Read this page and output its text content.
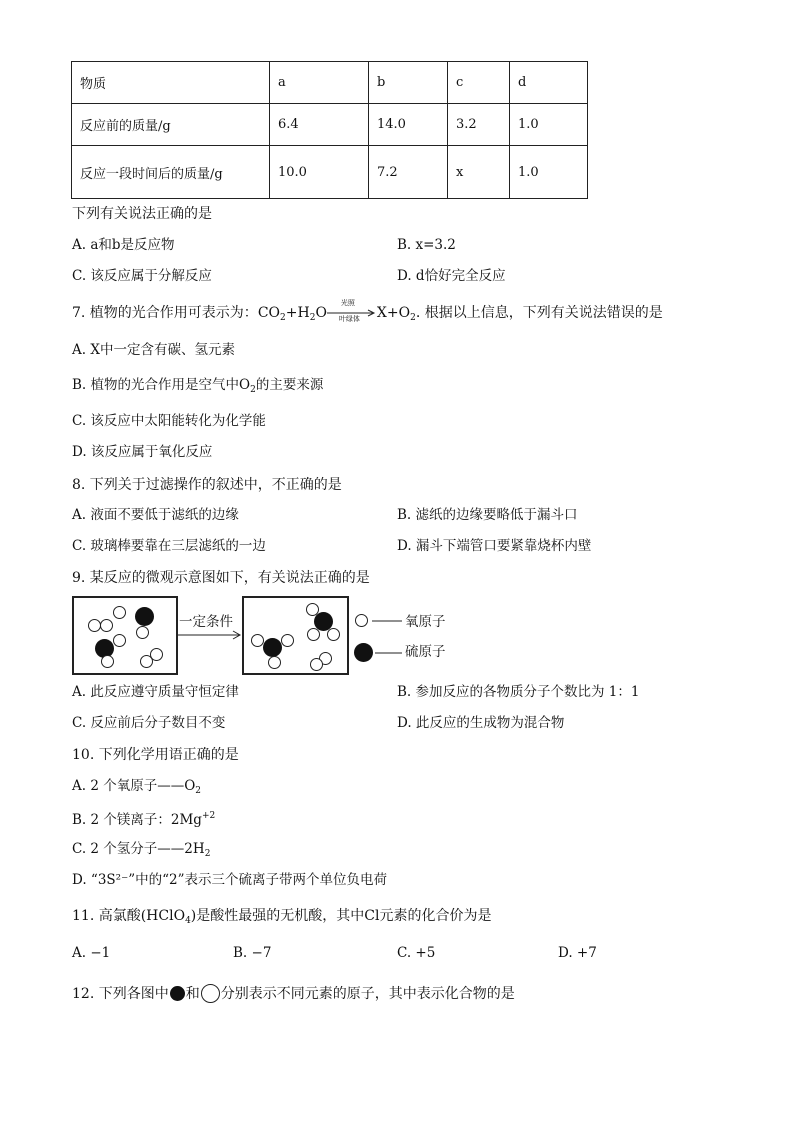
物质	a	b	c	d
反应前的质量/g	6.4	14.0	3.2	1.0
反应一段时间后的质量/g	10.0	7.2	x	1.0
下列有关说法正确的是
A. a和b是反应物	B. x=3.2
C. 该反应属于分解反应	D. d恰好完全反应
7. 植物的光合作用可表示为：$CO_2+H_2O$
光照
叶绿体 $X+O_2$. 根据以上信息，下列有关说法错误的是
A. X中一定含有碳、氢元素
B. 植物的光合作用是空气中$O_2$的主要来源
C. 该反应中太阳能转化为化学能
D. 该反应属于氧化反应
8. 下列关于过滤操作的叙述中，不正确的是
A. 液面不要低于滤纸的边缘	B. 滤纸的边缘要略低于漏斗口
C. 玻璃棒要靠在三层滤纸的一边	D. 漏斗下端管口要紧靠烧杯内壁
9. 某反应的微观示意图如下，有关说法正确的是
一定条件	氧原子
硫原子
A. 此反应遵守质量守恒定律	B. 参加反应的各物质分子个数比为 1：1
C. 反应前后分子数目不变	D. 此反应的生成物为混合物
10. 下列化学用语正确的是
A. 2 个氧原子$——O_2$
B. 2 个镁离子：$2Mg^{+2}$
C. 2 个氢分子$——2H_2$
D. “3S²⁻”中的“2”表示三个硫离子带两个单位负电荷
11. 高氯酸(HClO$_4$)是酸性最强的无机酸，其中Cl元素的化合价为是
A. −1	B. −7	C. +5	D. +7
12. 下列各图中 和 分别表示不同元素的原子，其中表示化合物的是
